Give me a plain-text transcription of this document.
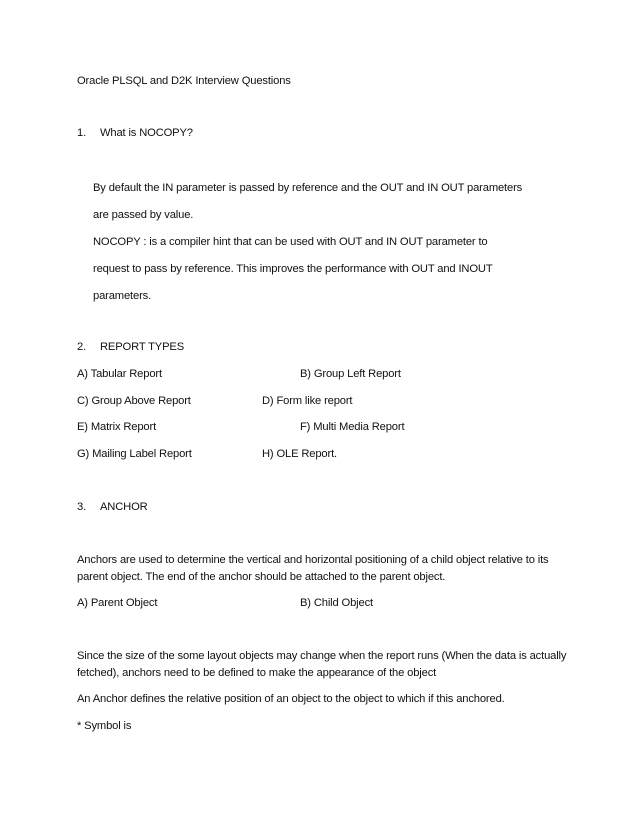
Oracle PLSQL and D2K Interview Questions
1. What is NOCOPY?
By default the IN parameter is passed by reference and the OUT and IN OUT parameters
are passed by value.
NOCOPY : is a compiler hint that can be used with OUT and IN OUT parameter to
request to pass by reference. This improves the performance with OUT and INOUT
parameters.
2. REPORT TYPES
A) Tabular Report	B) Group Left Report
C) Group Above Report	D) Form like report
E) Matrix Report	F) Multi Media Report
G) Mailing Label Report	H) OLE Report.
3. ANCHOR
Anchors are used to determine the vertical and horizontal positioning of a child object relative to its
parent object. The end of the anchor should be attached to the parent object.
A) Parent Object	B) Child Object
Since the size of the some layout objects may change when the report runs (When the data is actually
fetched), anchors need to be defined to make the appearance of the object
An Anchor defines the relative position of an object to the object to which if this anchored.
* Symbol is
